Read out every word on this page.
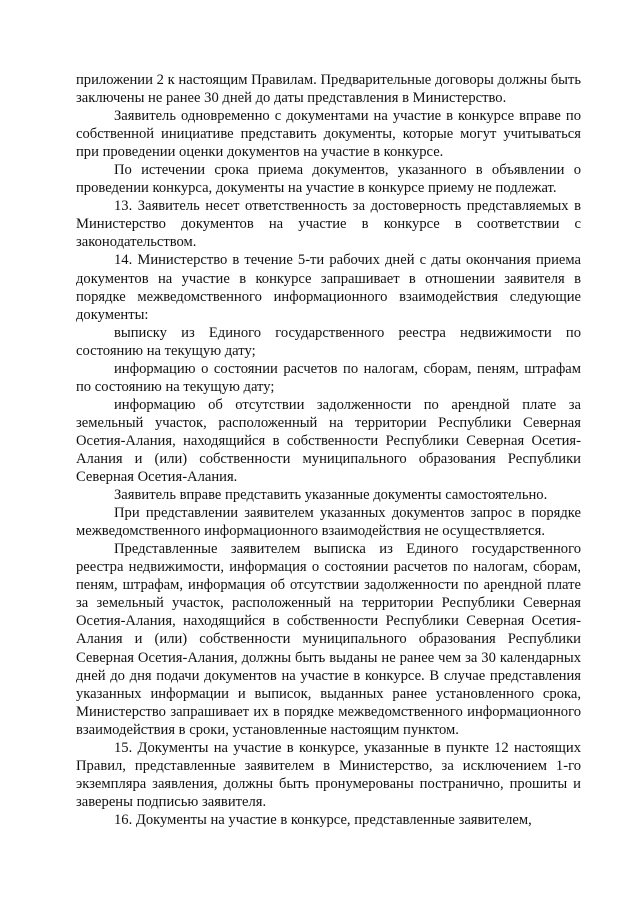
приложении 2 к настоящим Правилам. Предварительные договоры должны быть заключены не ранее 30 дней до даты представления в Министерство.

Заявитель одновременно с документами на участие в конкурсе вправе по собственной инициативе представить документы, которые могут учитываться при проведении оценки документов на участие в конкурсе.

По истечении срока приема документов, указанного в объявлении о проведении конкурса, документы на участие в конкурсе приему не подлежат.

13. Заявитель несет ответственность за достоверность представляемых в Министерство документов на участие в конкурсе в соответствии с законодательством.

14. Министерство в течение 5-ти рабочих дней с даты окончания приема документов на участие в конкурсе запрашивает в отношении заявителя в порядке межведомственного информационного взаимодействия следующие документы:

выписку из Единого государственного реестра недвижимости по состоянию на текущую дату;

информацию о состоянии расчетов по налогам, сборам, пеням, штрафам по состоянию на текущую дату;

информацию об отсутствии задолженности по арендной плате за земельный участок, расположенный на территории Республики Северная Осетия-Алания, находящийся в собственности Республики Северная Осетия-Алания и (или) собственности муниципального образования Республики Северная Осетия-Алания.

Заявитель вправе представить указанные документы самостоятельно.

При представлении заявителем указанных документов запрос в порядке межведомственного информационного взаимодействия не осуществляется.

Представленные заявителем выписка из Единого государственного реестра недвижимости, информация о состоянии расчетов по налогам, сборам, пеням, штрафам, информация об отсутствии задолженности по арендной плате за земельный участок, расположенный на территории Республики Северная Осетия-Алания, находящийся в собственности Республики Северная Осетия-Алания и (или) собственности муниципального образования Республики Северная Осетия-Алания, должны быть выданы не ранее чем за 30 календарных дней до дня подачи документов на участие в конкурсе. В случае представления указанных информации и выписок, выданных ранее установленного срока, Министерство запрашивает их в порядке межведомственного информационного взаимодействия в сроки, установленные настоящим пунктом.

15. Документы на участие в конкурсе, указанные в пункте 12 настоящих Правил, представленные заявителем в Министерство, за исключением 1-го экземпляра заявления, должны быть пронумерованы постранично, прошиты и заверены подписью заявителя.

16. Документы на участие в конкурсе, представленные заявителем,
